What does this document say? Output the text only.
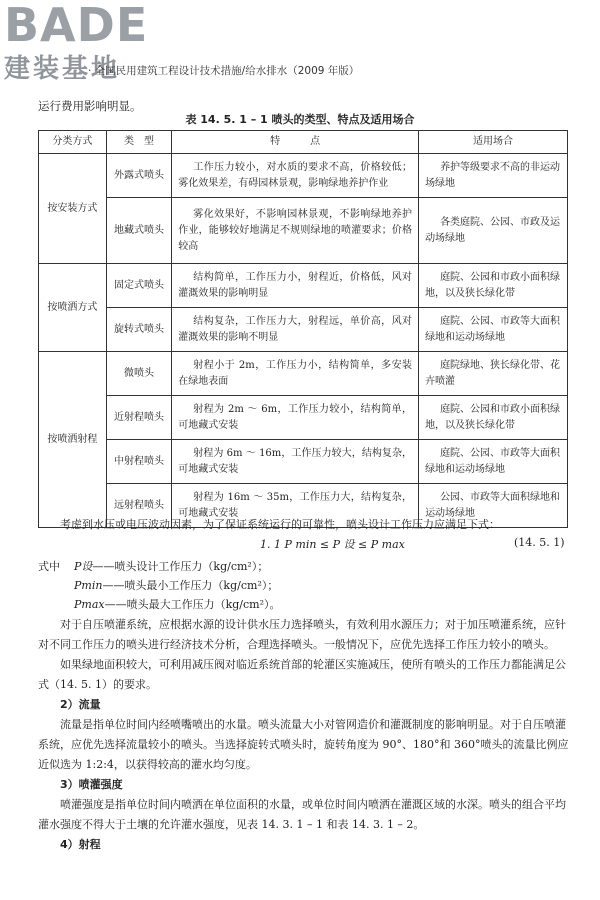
BADE
建装基地
· 全国民用建筑工程设计技术措施/给水排水（2009 年版）
运行费用影响明显。
表 14. 5. 1 – 1 喷头的类型、特点及适用场合
分类方式	类　型	特　　　点	适用场合
按安装方式	外露式喷头	工作压力较小，对水质的要求不高，价格较低；雾化效果差，有碍园林景观，影响绿地养护作业	养护等级要求不高的非运动场绿地
	地藏式喷头	雾化效果好，不影响园林景观，不影响绿地养护作业，能够较好地满足不规则绿地的喷灌要求；价格较高	各类庭院、公园、市政及运动场绿地
按喷洒方式	固定式喷头	结构简单，工作压力小，射程近，价格低，风对灌溉效果的影响明显	庭院、公园和市政小面积绿地，以及狭长绿化带
	旋转式喷头	结构复杂，工作压力大，射程远，单价高，风对灌溉效果的影响不明显	庭院、公园、市政等大面积绿地和运动场绿地
按喷洒射程	微喷头	射程小于 2m，工作压力小，结构简单，多安装在绿地表面	庭院绿地、狭长绿化带、花卉喷灌
	近射程喷头	射程为 2m ～ 6m，工作压力较小，结构简单，可地藏式安装	庭院、公园和市政小面积绿地，以及狭长绿化带
	中射程喷头	射程为 6m ～ 16m，工作压力较大，结构复杂，可地藏式安装	庭院、公园、市政等大面积绿地和运动场绿地
	远射程喷头	射程为 16m ～ 35m，工作压力大，结构复杂，可地藏式安装	公园、市政等大面积绿地和运动场绿地

考虑到水压或电压波动因素，为了保证系统运行的可靠性，喷头设计工作压力应满足下式：

1. 1 P min ≤ P 设 ≤ P max	(14. 5. 1)
式中 P设——喷头设计工作压力（kg/cm²）；
Pmin——喷头最小工作压力（kg/cm²）；
Pmax——喷头最大工作压力（kg/cm²）。

对于自压喷灌系统，应根据水源的设计供水压力选择喷头，有效利用水源压力；对于加压喷灌系统，应针对不同工作压力的喷头进行经济技术分析，合理选择喷头。一般情况下，应优先选择工作压力较小的喷头。

如果绿地面积较大，可利用减压阀对临近系统首部的轮灌区实施减压，使所有喷头的工作压力都能满足公式（14. 5. 1）的要求。

2）流量

流量是指单位时间内经喷嘴喷出的水量。喷头流量大小对管网造价和灌溉制度的影响明显。对于自压喷灌系统，应优先选择流量较小的喷头。当选择旋转式喷头时，旋转角度为 90°、180°和 360°喷头的流量比例应近似选为 1:2:4，以获得较高的灌水均匀度。

3）喷灌强度

喷灌强度是指单位时间内喷洒在单位面积的水量，或单位时间内喷洒在灌溉区域的水深。喷头的组合平均灌水强度不得大于土壤的允许灌水强度，见表 14. 3. 1 – 1 和表 14. 3. 1 – 2。

4）射程
